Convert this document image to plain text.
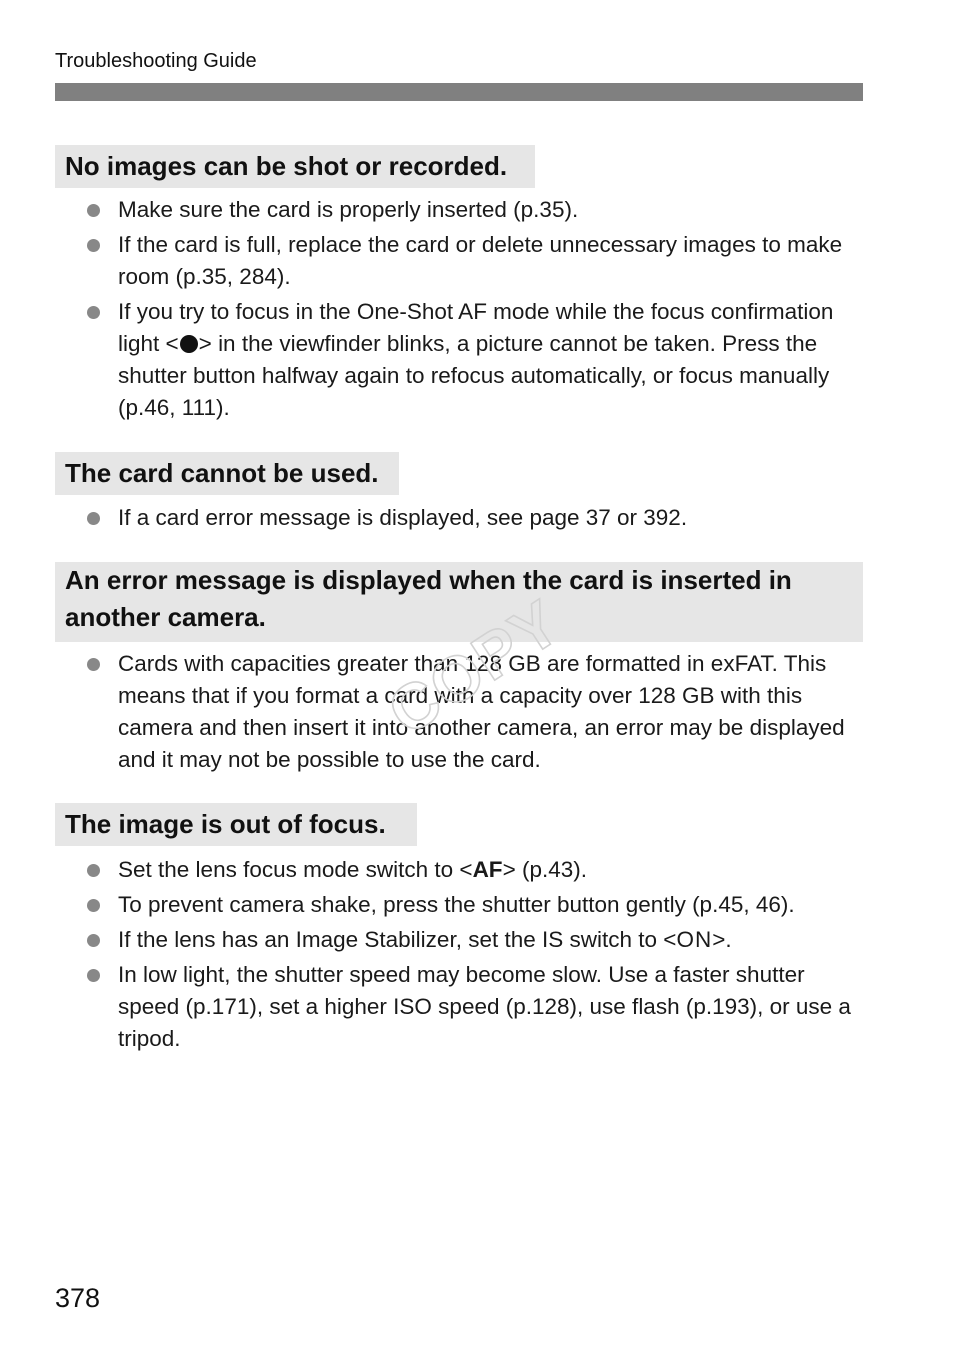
Troubleshooting Guide
No images can be shot or recorded.
Make sure the card is properly inserted (p.35).
If the card is full, replace the card or delete unnecessary images to make room (p.35, 284).
If you try to focus in the One-Shot AF mode while the focus confirmation light < > in the viewfinder blinks, a picture cannot be taken. Press the shutter button halfway again to refocus automatically, or focus manually (p.46, 111).
The card cannot be used.
If a card error message is displayed, see page 37 or 392.
An error message is displayed when the card is inserted in another camera.
Cards with capacities greater than 128 GB are formatted in exFAT. This means that if you format a card with a capacity over 128 GB with this camera and then insert it into another camera, an error may be displayed and it may not be possible to use the card.
The image is out of focus.
Set the lens focus mode switch to <AF> (p.43).
To prevent camera shake, press the shutter button gently (p.45, 46).
If the lens has an Image Stabilizer, set the IS switch to <ON>.
In low light, the shutter speed may become slow. Use a faster shutter speed (p.171), set a higher ISO speed (p.128), use flash (p.193), or use a tripod.
COPY
378
